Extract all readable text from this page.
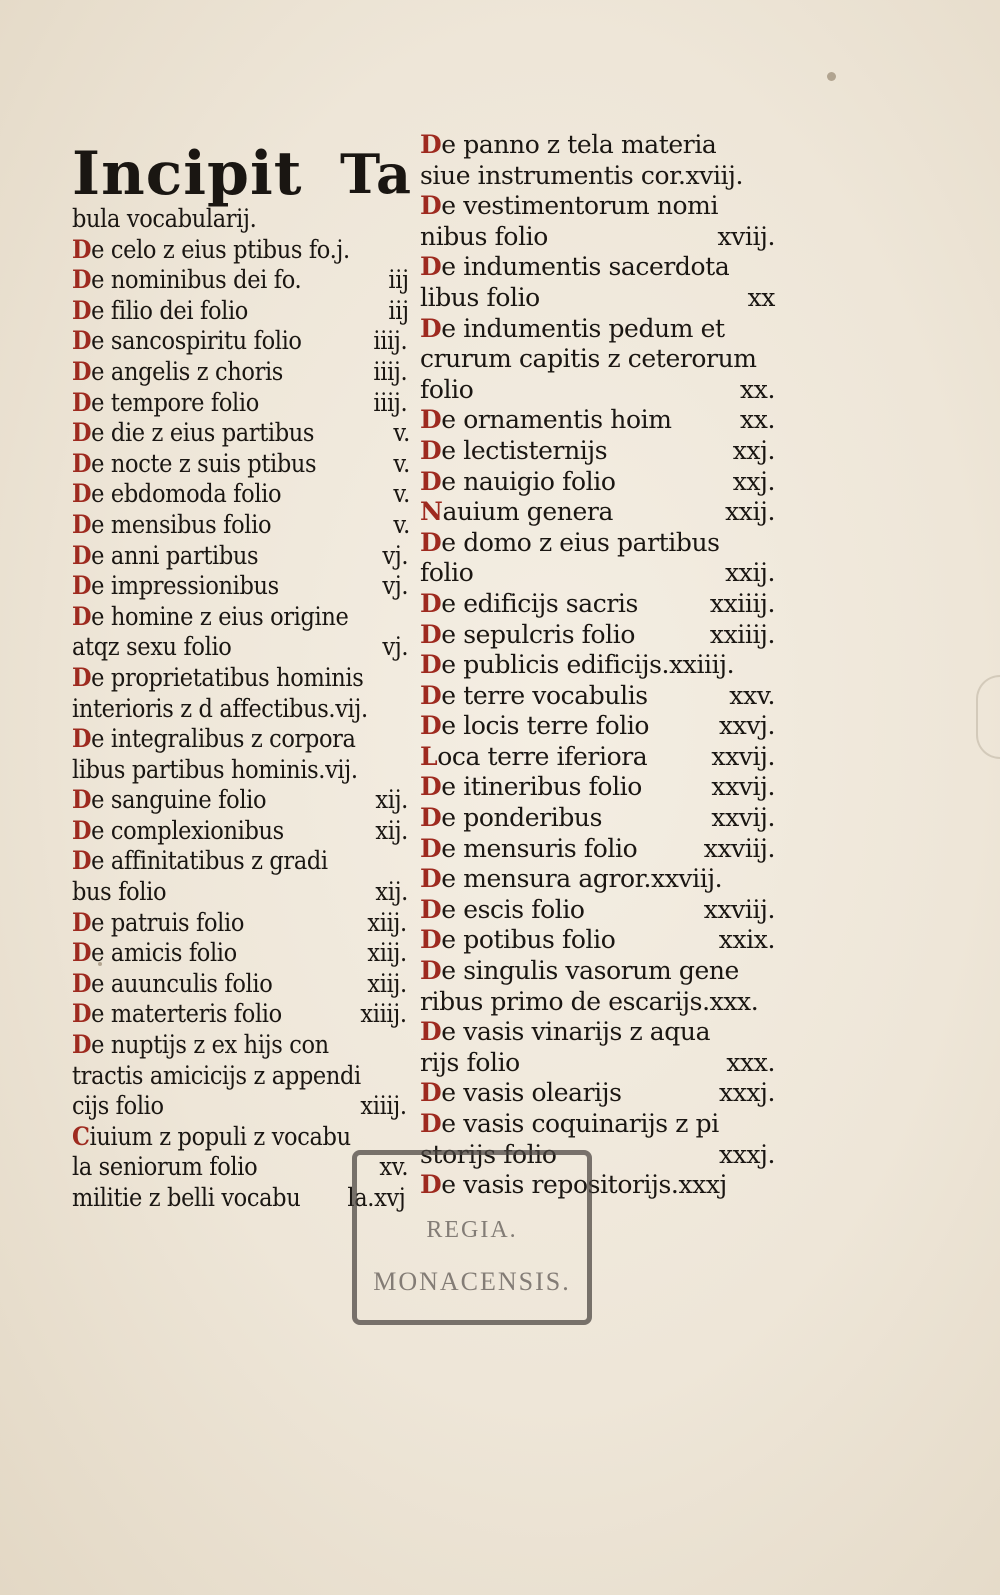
Incipit Ta
bula vocabularij.
De celo z eius ptibus fo.j.
De nominibus dei fo.	iij
De filio dei folio	iij
De sancospiritu folio	iiij.
De angelis z choris	iiij.
De tempore folio	iiij.
De die z eius partibus	v.
De nocte z suis ptibus	v.
De ebdomoda folio	v.
De mensibus folio	v.
De anni partibus	vj.
De impressionibus	vj.
De homine z eius origine
atqz sexu folio	vj.
De proprietatibus hominis
interioris z d affectibus.vij.
De integralibus z corpora
libus partibus hominis.vij.
De sanguine folio	xij.
De complexionibus	xij.
De affinitatibus z gradi
bus folio	xij.
De patruis folio	xiij.
De amicis folio	xiij.
De auunculis folio	xiij.
De materteris folio	xiiij.
De nuptijs z ex hijs con
tractis amicicijs z appendi
cijs folio	xiiij.
Ciuium z populi z vocabu
la seniorum folio	xv.
militie z belli vocabu la.xvj
De panno z tela materia
siue instrumentis cor.xviij.
De vestimentorum nomi
nibus folio	xviij.
De indumentis sacerdota
libus folio	xx
De indumentis pedum et
crurum capitis z ceterorum
folio	xx.
De ornamentis hoim	xx.
De lectisternijs	xxj.
De nauigio folio	xxj.
Nauium genera	xxij.
De domo z eius partibus
folio	xxij.
De edificijs sacris	xxiiij.
De sepulcris folio	xxiiij.
De publicis edificijs.xxiiij.
De terre vocabulis	xxv.
De locis terre folio	xxvj.
Loca terre iferiora	xxvij.
De itineribus folio	xxvij.
De ponderibus	xxvij.
De mensuris folio	xxviij.
De mensura agror.xxviij.
De escis folio	xxviij.
De potibus folio	xxix.
De singulis vasorum gene
ribus primo de escarijs.xxx.
De vasis vinarijs z aqua
rijs folio	xxx.
De vasis olearijs	xxxj.
De vasis coquinarijs z pi
storijs folio	xxxj.
De vasis repositorijs.xxxj
REGIA.
MONACENSIS.
